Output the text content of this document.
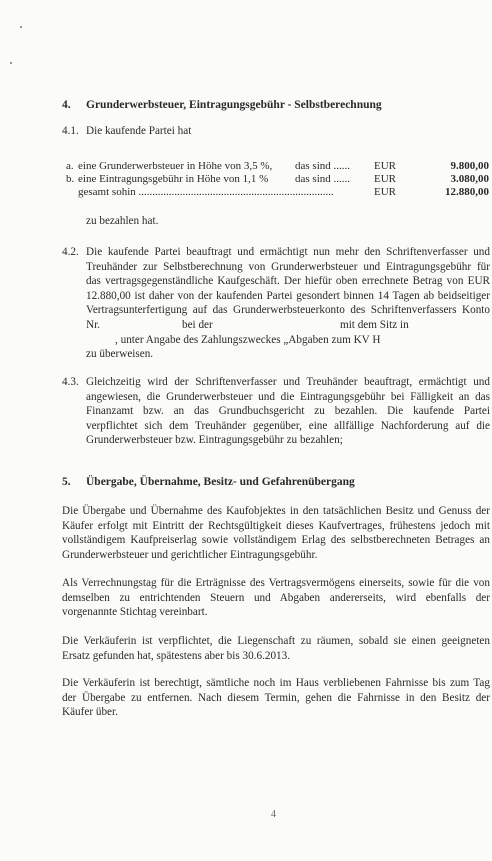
4. Grunderwerbsteuer, Eintragungsgebühr - Selbstberechnung
4.1. Die kaufende Partei hat
a. eine Grunderwerbsteuer in Höhe von 3,5 %, das sind ...... EUR	9.800,00
b. eine Eintragungsgebühr in Höhe von 1,1 % das sind ...... EUR	3.080,00
gesamt sohin .......................................................................	EUR	12.880,00
zu bezahlen hat.
4.2. Die kaufende Partei beauftragt und ermächtigt nun mehr den Schriftenverfasser und
Treuhänder zur Selbstberechnung von Grunderwerbsteuer und Eintragungsgebühr für
das vertragsgegenständliche Kaufgeschäft. Der hiefür oben errechnete Betrag von EUR
12.880,00 ist daher von der kaufenden Partei gesondert binnen 14 Tagen ab beidseitiger
Vertragsunterfertigung auf das Grunderwerbsteuerkonto des Schriftenverfassers Konto
Nr.	bei der	mit dem Sitz in
, unter Angabe des Zahlungszweckes „Abgaben zum KV H
zu überweisen.
4.3. Gleichzeitig wird der Schriftenverfasser und Treuhänder beauftragt, ermächtigt und
angewiesen, die Grunderwerbsteuer und die Eintragungsgebühr bei Fälligkeit an das
Finanzamt bzw. an das Grundbuchsgericht zu bezahlen. Die kaufende Partei
verpflichtet sich dem Treuhänder gegenüber, eine allfällige Nachforderung auf die
Grunderwerbsteuer bzw. Eintragungsgebühr zu bezahlen;
5. Übergabe, Übernahme, Besitz- und Gefahrenübergang
Die Übergabe und Übernahme des Kaufobjektes in den tatsächlichen Besitz und Genuss der
Käufer erfolgt mit Eintritt der Rechtsgültigkeit dieses Kaufvertrages, frühestens jedoch mit
vollständigem Kaufpreiserlag sowie vollständigem Erlag des selbstberechneten Betrages an
Grunderwerbsteuer und gerichtlicher Eintragungsgebühr.
Als Verrechnungstag für die Erträgnisse des Vertragsvermögens einerseits, sowie für die von
demselben zu entrichtenden Steuern und Abgaben andererseits, wird ebenfalls der
vorgenannte Stichtag vereinbart.
Die Verkäuferin ist verpflichtet, die Liegenschaft zu räumen, sobald sie einen geeigneten
Ersatz gefunden hat, spätestens aber bis 30.6.2013.
Die Verkäuferin ist berechtigt, sämtliche noch im Haus verbliebenen Fahrnisse bis zum Tag
der Übergabe zu entfernen. Nach diesem Termin, gehen die Fahrnisse in den Besitz der
Käufer über.
4
